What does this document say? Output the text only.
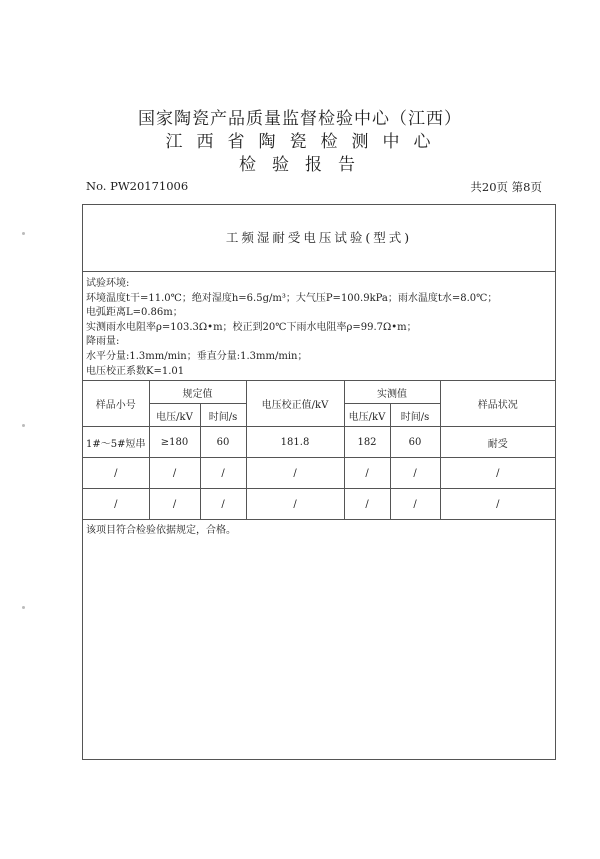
国家陶瓷产品质量监督检验中心（江西）
江西省陶瓷检测中心
检验报告
No. PW20171006	共20页 第8页
工频湿耐受电压试验(型式)
试验环境:
环境温度t干=11.0℃；绝对湿度h=6.5g/m³；大气压P=100.9kPa；雨水温度t水=8.0℃；
电弧距离L=0.86m；
实测雨水电阻率ρ=103.3Ω•m；校正到20℃下雨水电阻率ρ=99.7Ω•m；
降雨量:
水平分量:1.3mm/min；垂直分量:1.3mm/min；
电压校正系数K=1.01
样品小号	规定值		电压校正值/kV	实测值		样品状况
	电压/kV	时间/s		电压/kV	时间/s	
1#～5#短串	≥180	60	181.8	182	60	耐受
/	/	/	/	/	/	/
/	/	/	/	/	/	/
该项目符合检验依据规定，合格。
